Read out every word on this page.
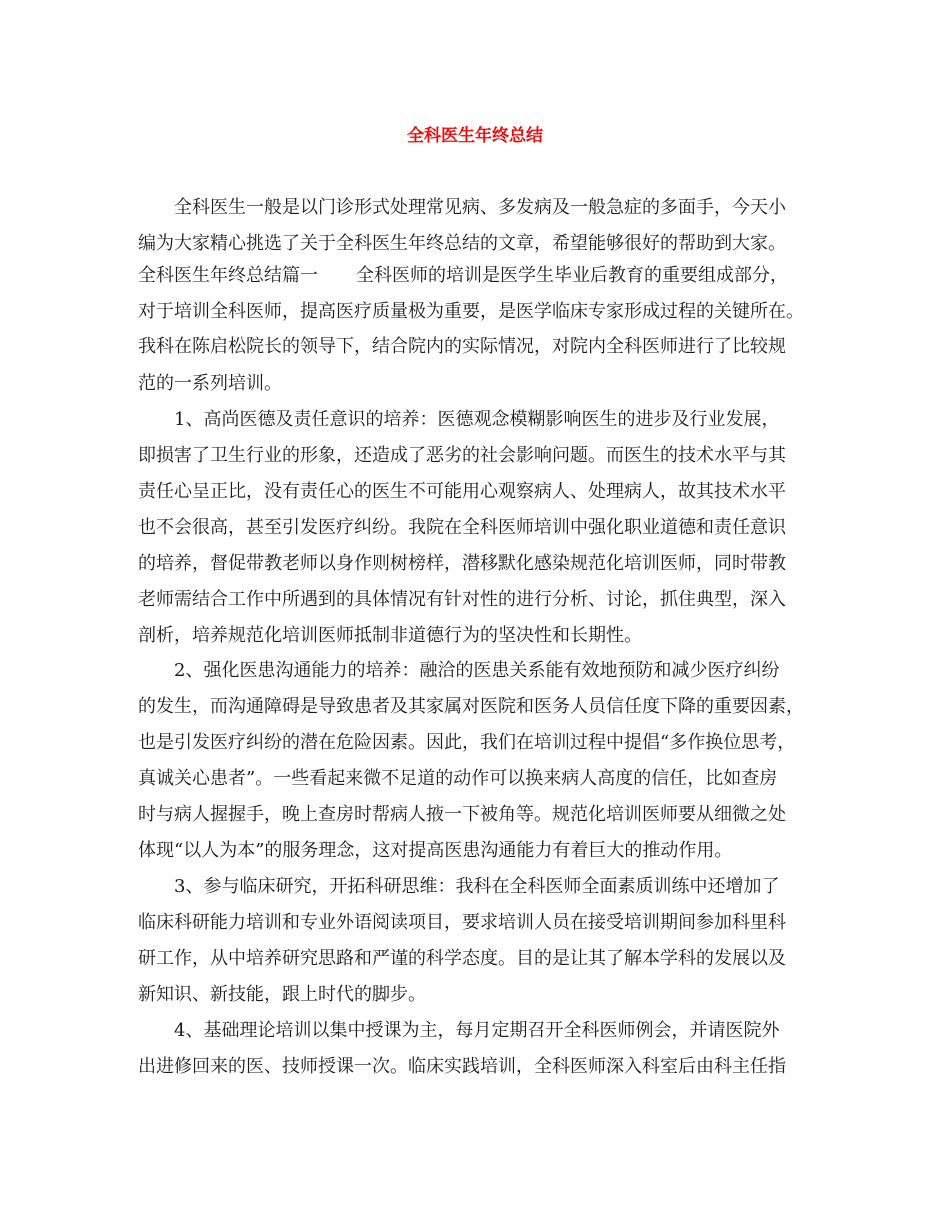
全科医生年终总结
全科医生一般是以门诊形式处理常见病、多发病及一般急症的多面手，今天小
编为大家精心挑选了关于全科医生年终总结的文章，希望能够很好的帮助到大家。
全科医生年终总结篇一 全科医师的培训是医学生毕业后教育的重要组成部分，
对于培训全科医师，提高医疗质量极为重要，是医学临床专家形成过程的关键所在。
我科在陈启松院长的领导下，结合院内的实际情况，对院内全科医师进行了比较规
范的一系列培训。
1、高尚医德及责任意识的培养：医德观念模糊影响医生的进步及行业发展，
即损害了卫生行业的形象，还造成了恶劣的社会影响问题。而医生的技术水平与其
责任心呈正比，没有责任心的医生不可能用心观察病人、处理病人，故其技术水平
也不会很高，甚至引发医疗纠纷。我院在全科医师培训中强化职业道德和责任意识
的培养，督促带教老师以身作则树榜样，潜移默化感染规范化培训医师，同时带教
老师需结合工作中所遇到的具体情况有针对性的进行分析、讨论，抓住典型，深入
剖析，培养规范化培训医师抵制非道德行为的坚决性和长期性。
2、强化医患沟通能力的培养：融洽的医患关系能有效地预防和减少医疗纠纷
的发生，而沟通障碍是导致患者及其家属对医院和医务人员信任度下降的重要因素，
也是引发医疗纠纷的潜在危险因素。因此，我们在培训过程中提倡“多作换位思考，
真诚关心患者”。一些看起来微不足道的动作可以换来病人高度的信任，比如查房
时与病人握握手，晚上查房时帮病人掖一下被角等。规范化培训医师要从细微之处
体现“以人为本”的服务理念，这对提高医患沟通能力有着巨大的推动作用。
3、参与临床研究，开拓科研思维：我科在全科医师全面素质训练中还增加了
临床科研能力培训和专业外语阅读项目，要求培训人员在接受培训期间参加科里科
研工作，从中培养研究思路和严谨的科学态度。目的是让其了解本学科的发展以及
新知识、新技能，跟上时代的脚步。
4、基础理论培训以集中授课为主，每月定期召开全科医师例会，并请医院外
出进修回来的医、技师授课一次。临床实践培训，全科医师深入科室后由科主任指
